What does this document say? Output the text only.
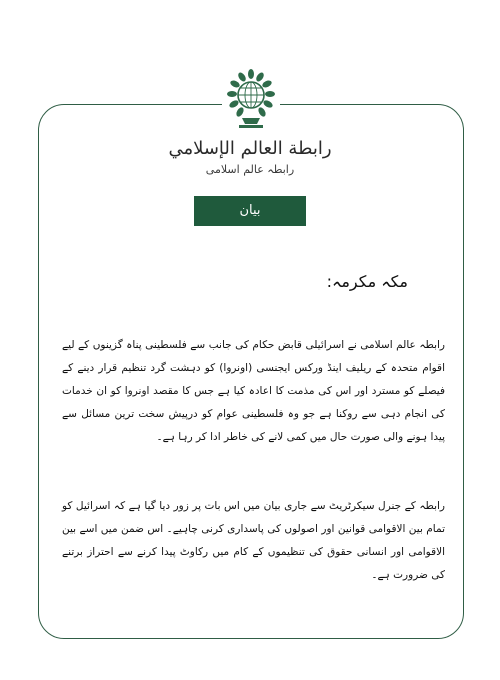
رابطة العالم الإسلامي
رابطہ عالم اسلامی
بیان
مکہ مکرمہ:

رابطہ عالم اسلامی نے اسرائیلی قابض حکام کی جانب سے فلسطینی پناہ گزینوں کے لیے اقوام متحدہ کے ریلیف اینڈ ورکس ایجنسی (اونروا) کو دہشت گرد تنظیم قرار دینے کے فیصلے کو مسترد اور اس کی مذمت کا اعادہ کیا ہے جس کا مقصد اونروا کو ان خدمات کی انجام دہی سے روکنا ہے جو وہ فلسطینی عوام کو درپیش سخت ترین مسائل سے پیدا ہونے والی صورت حال میں کمی لانے کی خاطر ادا کر رہا ہے۔

رابطہ کے جنرل سیکرٹریٹ سے جاری بیان میں اس بات پر زور دیا گیا ہے کہ اسرائیل کو تمام بین الاقوامی قوانین اور اصولوں کی پاسداری کرنی چاہیے۔ اس ضمن میں اسے بین الاقوامی اور انسانی حقوق کی تنظیموں کے کام میں رکاوٹ پیدا کرنے سے احتراز برتنے کی ضرورت ہے۔
